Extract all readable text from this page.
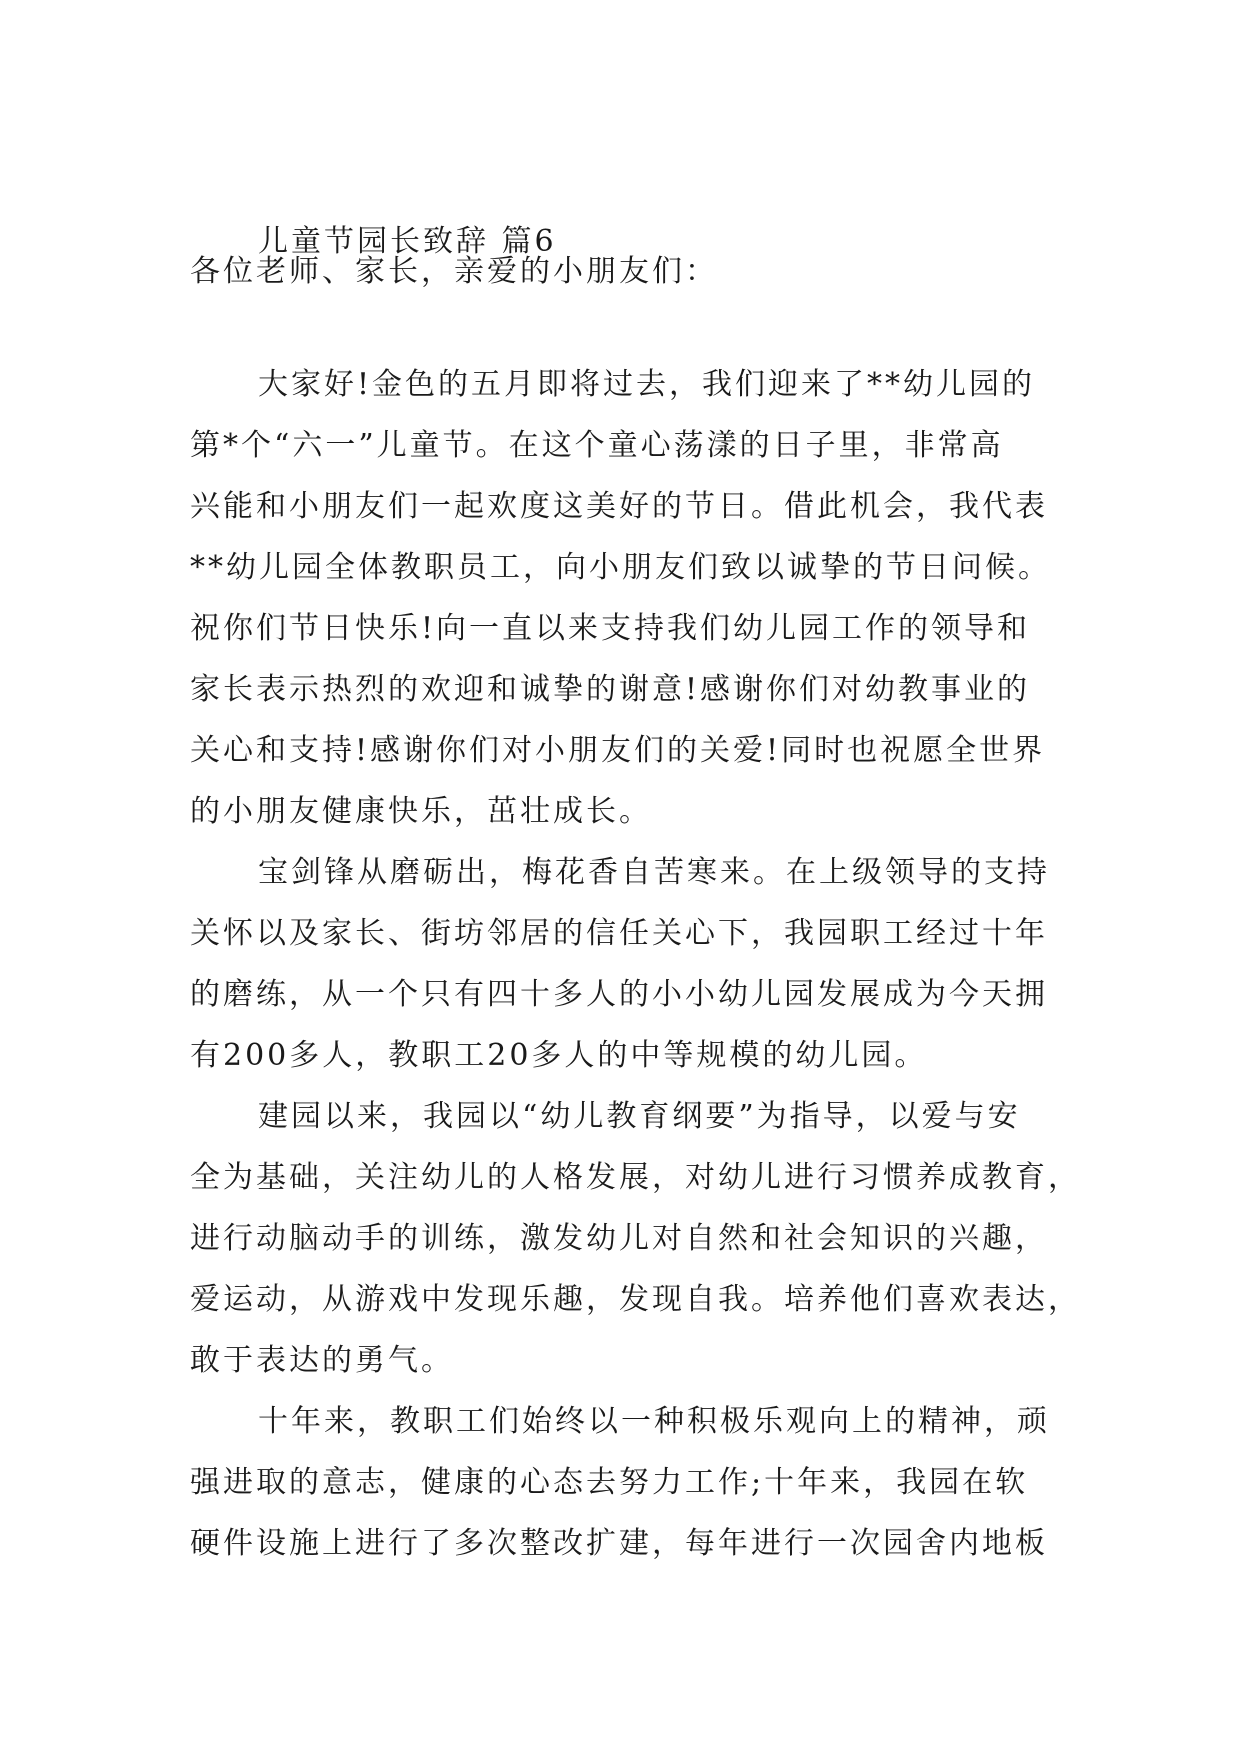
儿童节园长致辞 篇6
各位老师、家长，亲爱的小朋友们：
大家好!金色的五月即将过去，我们迎来了**幼儿园的
第*个“六一”儿童节。在这个童心荡漾的日子里，非常高
兴能和小朋友们一起欢度这美好的节日。借此机会，我代表
**幼儿园全体教职员工，向小朋友们致以诚挚的节日问候。
祝你们节日快乐!向一直以来支持我们幼儿园工作的领导和
家长表示热烈的欢迎和诚挚的谢意!感谢你们对幼教事业的
关心和支持!感谢你们对小朋友们的关爱!同时也祝愿全世界
的小朋友健康快乐，茁壮成长。
宝剑锋从磨砺出，梅花香自苦寒来。在上级领导的支持
关怀以及家长、街坊邻居的信任关心下，我园职工经过十年
的磨练，从一个只有四十多人的小小幼儿园发展成为今天拥
有200多人，教职工20多人的中等规模的幼儿园。
建园以来，我园以“幼儿教育纲要”为指导，以爱与安
全为基础，关注幼儿的人格发展，对幼儿进行习惯养成教育，
进行动脑动手的训练，激发幼儿对自然和社会知识的兴趣，
爱运动，从游戏中发现乐趣，发现自我。培养他们喜欢表达，
敢于表达的勇气。
十年来，教职工们始终以一种积极乐观向上的精神，顽
强进取的意志，健康的心态去努力工作;十年来，我园在软
硬件设施上进行了多次整改扩建，每年进行一次园舍内地板
